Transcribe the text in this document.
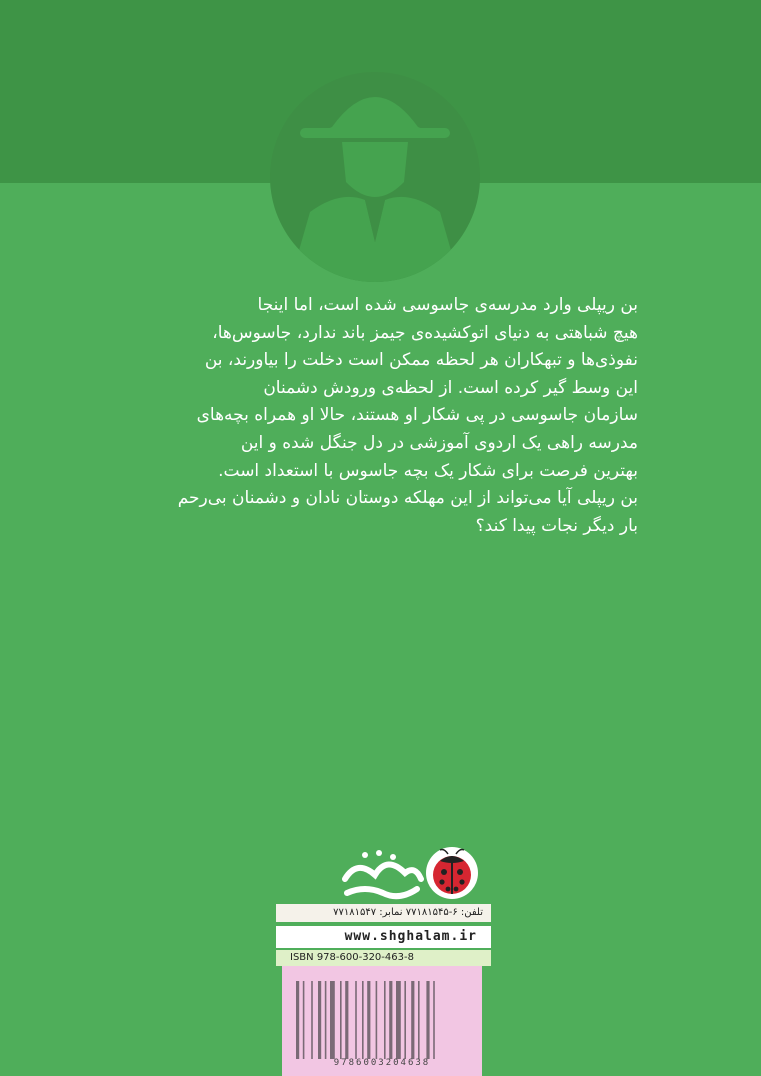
بن ریپلی وارد مدرسه‌ی جاسوسی شده است، اما اینجا
هیچ شباهتی به دنیای اتوکشیده‌ی جیمز باند ندارد، جاسوس‌ها،
نفوذی‌ها و تبهکاران هر لحظه ممکن است دخلت را بیاورند، بن
این وسط گیر کرده است. از لحظه‌ی ورودش دشمنان
سازمان جاسوسی در پی شکار او هستند، حالا او همراه بچه‌های
مدرسه راهی یک اردوی آموزشی در دل جنگل شده و این
بهترین فرصت برای شکار یک بچه جاسوس با استعداد است.
بن ریپلی آیا می‌تواند از این مهلکه دوستان نادان و دشمنان بی‌رحم
بار دیگر نجات پیدا کند؟
تلفن: ۶-۷۷۱۸۱۵۴۵ نمابر: ۷۷۱۸۱۵۴۷
www.shghalam.ir
ISBN 978-600-320-463-8
9786003204638
